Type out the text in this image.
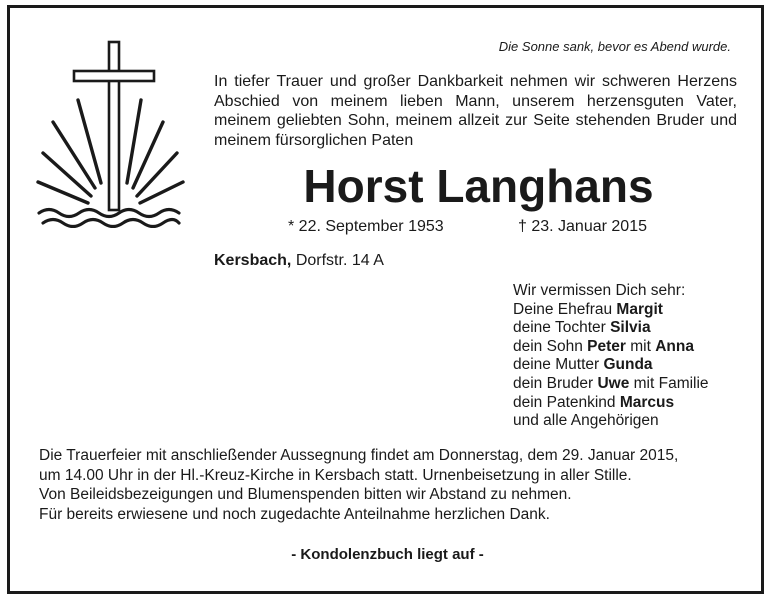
Die Sonne sank, bevor es Abend wurde.
In tiefer Trauer und großer Dankbarkeit nehmen wir schweren Herzens Abschied von meinem lieben Mann, unserem herzensguten Vater, meinem geliebten Sohn, meinem allzeit zur Seite stehenden Bruder und meinem fürsorglichen Paten
Horst Langhans
* 22. September 1953	† 23. Januar 2015
Kersbach, Dorfstr. 14 A
Wir vermissen Dich sehr:
Deine Ehefrau Margit
deine Tochter Silvia
dein Sohn Peter mit Anna
deine Mutter Gunda
dein Bruder Uwe mit Familie
dein Patenkind Marcus
und alle Angehörigen
Die Trauerfeier mit anschließender Aussegnung findet am Donnerstag, dem 29. Januar 2015,
um 14.00 Uhr in der Hl.-Kreuz-Kirche in Kersbach statt. Urnenbeisetzung in aller Stille.
Von Beileidsbezeigungen und Blumenspenden bitten wir Abstand zu nehmen.
Für bereits erwiesene und noch zugedachte Anteilnahme herzlichen Dank.
- Kondolenzbuch liegt auf -
